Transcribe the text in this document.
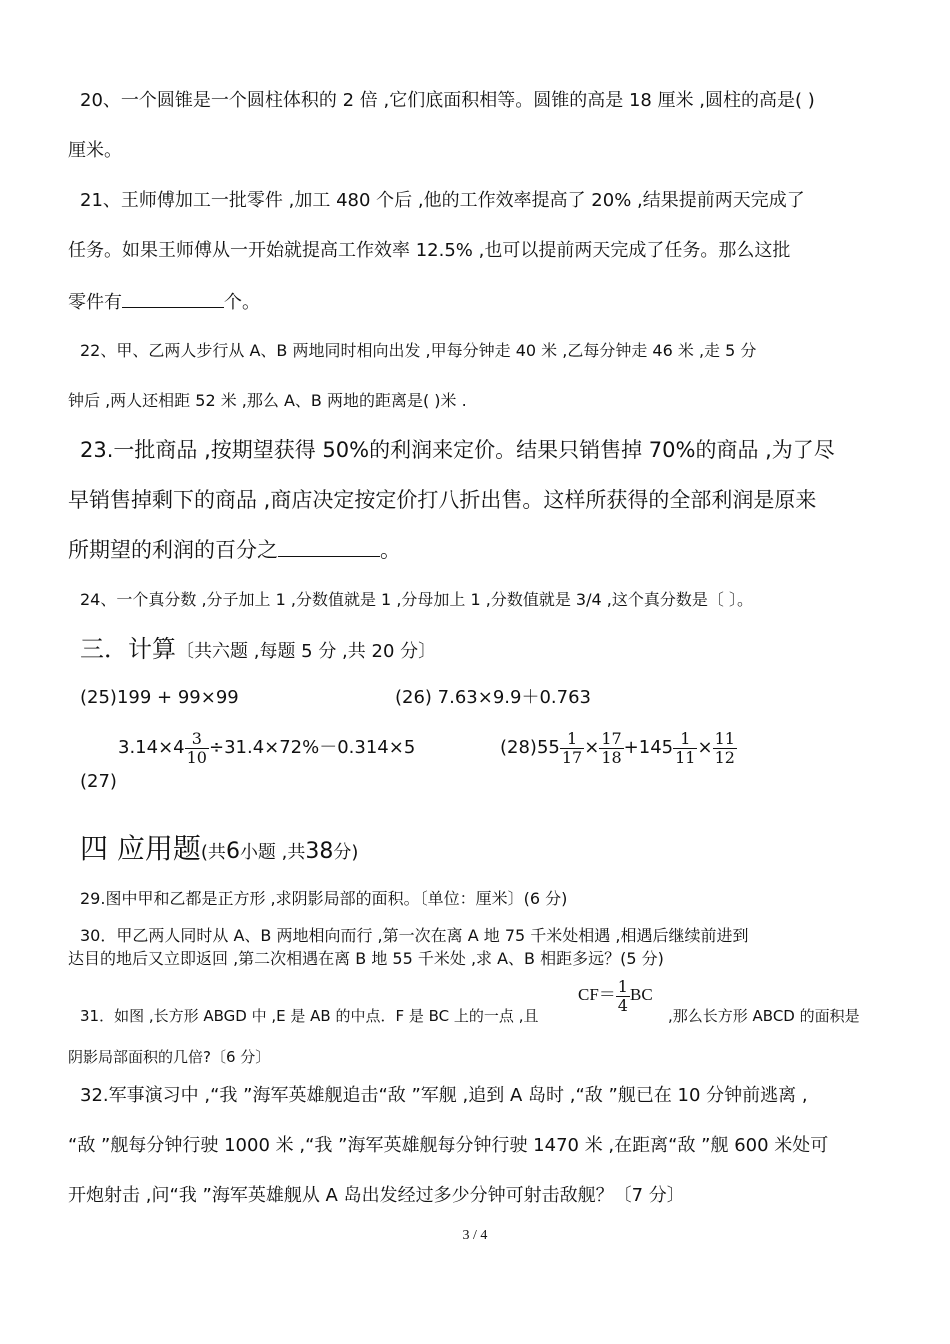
20、一个圆锥是一个圆柱体积的 2 倍 ,它们底面积相等。圆锥的高是 18 厘米 ,圆柱的高是( )
厘米。
21、王师傅加工一批零件 ,加工 480 个后 ,他的工作效率提高了 20% ,结果提前两天完成了
任务。如果王师傅从一开始就提高工作效率 12.5% ,也可以提前两天完成了任务。那么这批
零件有	个。
22、甲、乙两人步行从 A、B 两地同时相向出发 ,甲每分钟走 40 米 ,乙每分钟走 46 米 ,走 5 分
钟后 ,两人还相距 52 米 ,那么 A、B 两地的距离是( )米 .
23.一批商品 ,按期望获得 50%的利润来定价。结果只销售掉 70%的商品 ,为了尽
早销售掉剩下的商品 ,商店决定按定价打八折出售。这样所获得的全部利润是原来
所期望的利润的百分之	。
24、一个真分数 ,分子加上 1 ,分数值就是 1 ,分母加上 1 ,分数值就是 3/4 ,这个真分数是〔 〕。
三．计算〔共六题 ,每题 5 分 ,共 20 分〕
(25)199 + 99×99	(26) 7.63×9.9＋0.763
$3.14\times 4 \frac{3}{10} \div 31.4\times 72\%-0.314\times 5$
(27)
$(28)55 \frac{1}{17} \times \frac{17}{18} +145 \frac{1}{11} \times \frac{11}{12}$
四 应用题(共6小题 ,共38分)
29.图中甲和乙都是正方形 ,求阴影局部的面积。〔单位：厘米〕(6 分)
30．甲乙两人同时从 A、B 两地相向而行 ,第一次在离 A 地 75 千米处相遇 ,相遇后继续前进到
达目的地后又立即返回 ,第二次相遇在离 B 地 55 千米处 ,求 A、B 相距多远？(5 分)
31．如图 ,长方形 ABGD 中 ,E 是 AB 的中点．F 是 BC 上的一点 ,且
$CF= \frac{1}{4}$ BC
,那么长方形 ABCD 的面积是
阴影局部面积的几倍?〔6 分〕
32.军事演习中 ,“我 ”海军英雄舰追击“敌 ”军舰 ,追到 A 岛时 ,“敌 ”舰已在 10 分钟前逃离 ,
“敌 ”舰每分钟行驶 1000 米 ,“我 ”海军英雄舰每分钟行驶 1470 米 ,在距离“敌 ”舰 600 米处可
开炮射击 ,问“我 ”海军英雄舰从 A 岛出发经过多少分钟可射击敌舰？〔7 分〕
3 / 4
